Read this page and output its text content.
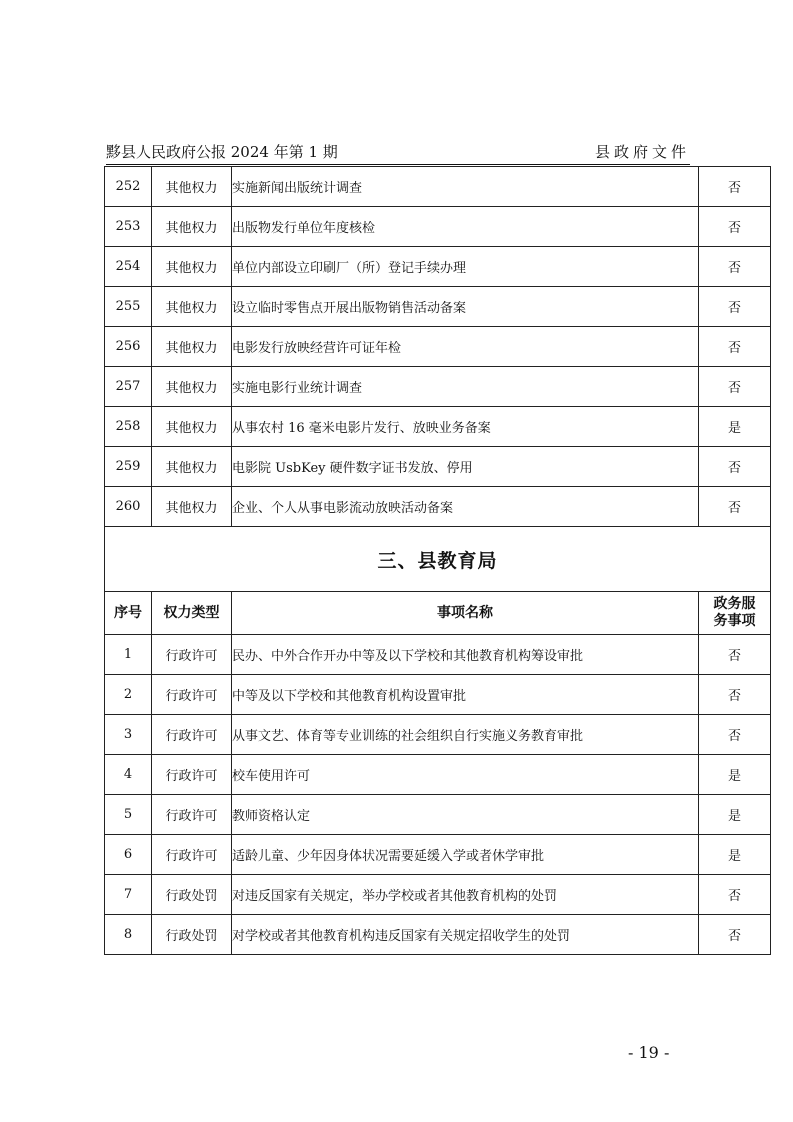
黟县人民政府公报 2024 年第 1 期	县政府文件
252	其他权力	实施新闻出版统计调查	否
253	其他权力	出版物发行单位年度核检	否
254	其他权力	单位内部设立印刷厂（所）登记手续办理	否
255	其他权力	设立临时零售点开展出版物销售活动备案	否
256	其他权力	电影发行放映经营许可证年检	否
257	其他权力	实施电影行业统计调查	否
258	其他权力	从事农村 16 毫米电影片发行、放映业务备案	是
259	其他权力	电影院 UsbKey 硬件数字证书发放、停用	否
260	其他权力	企业、个人从事电影流动放映活动备案	否
三、县教育局			
序号	权力类型	事项名称	政务服
务事项
1	行政许可	民办、中外合作开办中等及以下学校和其他教育机构筹设审批	否
2	行政许可	中等及以下学校和其他教育机构设置审批	否
3	行政许可	从事文艺、体育等专业训练的社会组织自行实施义务教育审批	否
4	行政许可	校车使用许可	是
5	行政许可	教师资格认定	是
6	行政许可	适龄儿童、少年因身体状况需要延缓入学或者休学审批	是
7	行政处罚	对违反国家有关规定，举办学校或者其他教育机构的处罚	否
8	行政处罚	对学校或者其他教育机构违反国家有关规定招收学生的处罚	否
- 19 -
